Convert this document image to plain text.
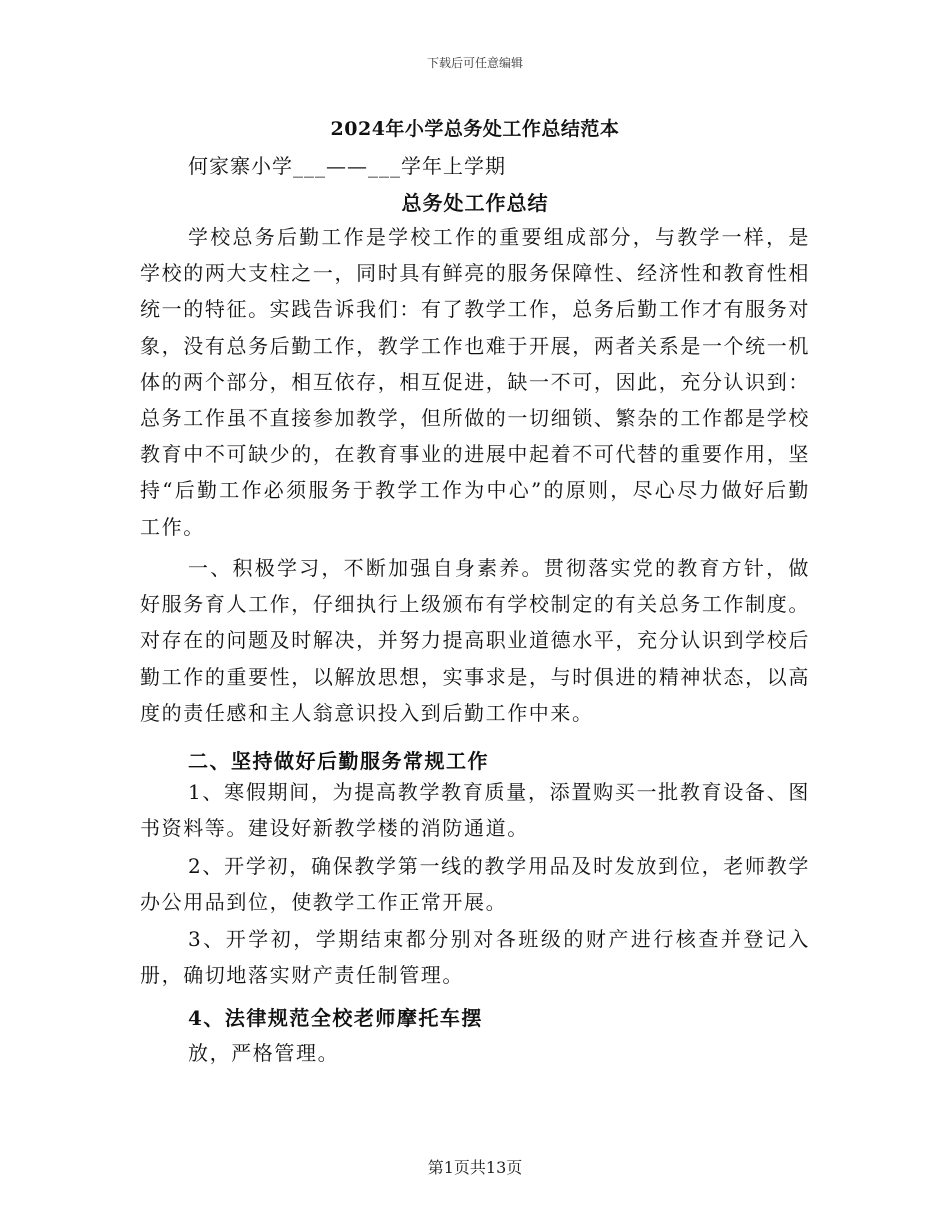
下载后可任意编辑
2024年小学总务处工作总结范本
何家寨小学___——___学年上学期
总务处工作总结

学校总务后勤工作是学校工作的重要组成部分，与教学一样，是学校的两大支柱之一，同时具有鲜亮的服务保障性、经济性和教育性相统一的特征。实践告诉我们：有了教学工作，总务后勤工作才有服务对象，没有总务后勤工作，教学工作也难于开展，两者关系是一个统一机体的两个部分，相互依存，相互促进，缺一不可，因此，充分认识到：总务工作虽不直接参加教学，但所做的一切细锁、繁杂的工作都是学校教育中不可缺少的，在教育事业的进展中起着不可代替的重要作用，坚持“后勤工作必须服务于教学工作为中心”的原则，尽心尽力做好后勤工作。

一、积极学习，不断加强自身素养。贯彻落实党的教育方针，做好服务育人工作，仔细执行上级颁布有学校制定的有关总务工作制度。对存在的问题及时解决，并努力提高职业道德水平，充分认识到学校后勤工作的重要性，以解放思想，实事求是，与时俱进的精神状态，以高度的责任感和主人翁意识投入到后勤工作中来。

二、坚持做好后勤服务常规工作

1、寒假期间，为提高教学教育质量，添置购买一批教育设备、图书资料等。建设好新教学楼的消防通道。

2、开学初，确保教学第一线的教学用品及时发放到位，老师教学办公用品到位，使教学工作正常开展。

3、开学初，学期结束都分别对各班级的财产进行核查并登记入册，确切地落实财产责任制管理。

4、法律规范全校老师摩托车摆

放，严格管理。

第1页共13页
